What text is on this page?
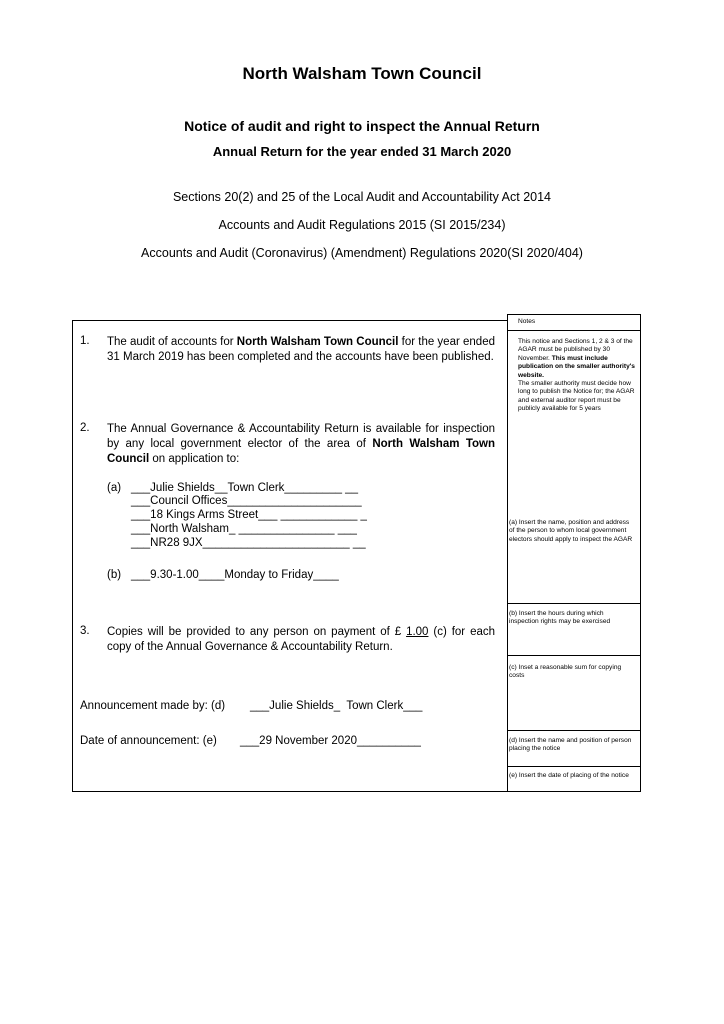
North Walsham Town Council
Notice of audit and right to inspect the Annual Return
Annual Return for the year ended 31 March 2020
Sections 20(2) and 25 of the Local Audit and Accountability Act 2014
Accounts and Audit Regulations 2015 (SI 2015/234)
Accounts and Audit (Coronavirus) (Amendment) Regulations 2020(SI 2020/404)
1. The audit of accounts for North Walsham Town Council for the year ended 31 March 2019 has been completed and the accounts have been published.
2. The Annual Governance & Accountability Return is available for inspection by any local government elector of the area of North Walsham Town Council on application to:
(a) ___Julie Shields__Town Clerk_________ __
___Council Offices_____________________
___18 Kings Arms Street___ ____________ _
___North Walsham_ _______________ ___
___NR28 9JX_______________________ __
(b) ___9.30-1.00____Monday to Friday____
3. Copies will be provided to any person on payment of £ 1.00 (c) for each copy of the Annual Governance & Accountability Return.
Announcement made by: (d) ___Julie Shields_  Town Clerk___
Date of announcement: (e) ___29 November 2020__________
Notes
This notice and Sections 1, 2 & 3 of the AGAR must be published by 30 November. This must include publication on the smaller authority's website.
The smaller authority must decide how long to publish the Notice for; the AGAR and external auditor report must be publicly available for 5 years
(a) Insert the name, position and address of the person to whom local government electors should apply to inspect the AGAR
(b) Insert the hours during which inspection rights may be exercised
(c) Inset a reasonable sum for copying costs
(d) Insert the name and position of person placing the notice
(e) Insert the date of placing of the notice
